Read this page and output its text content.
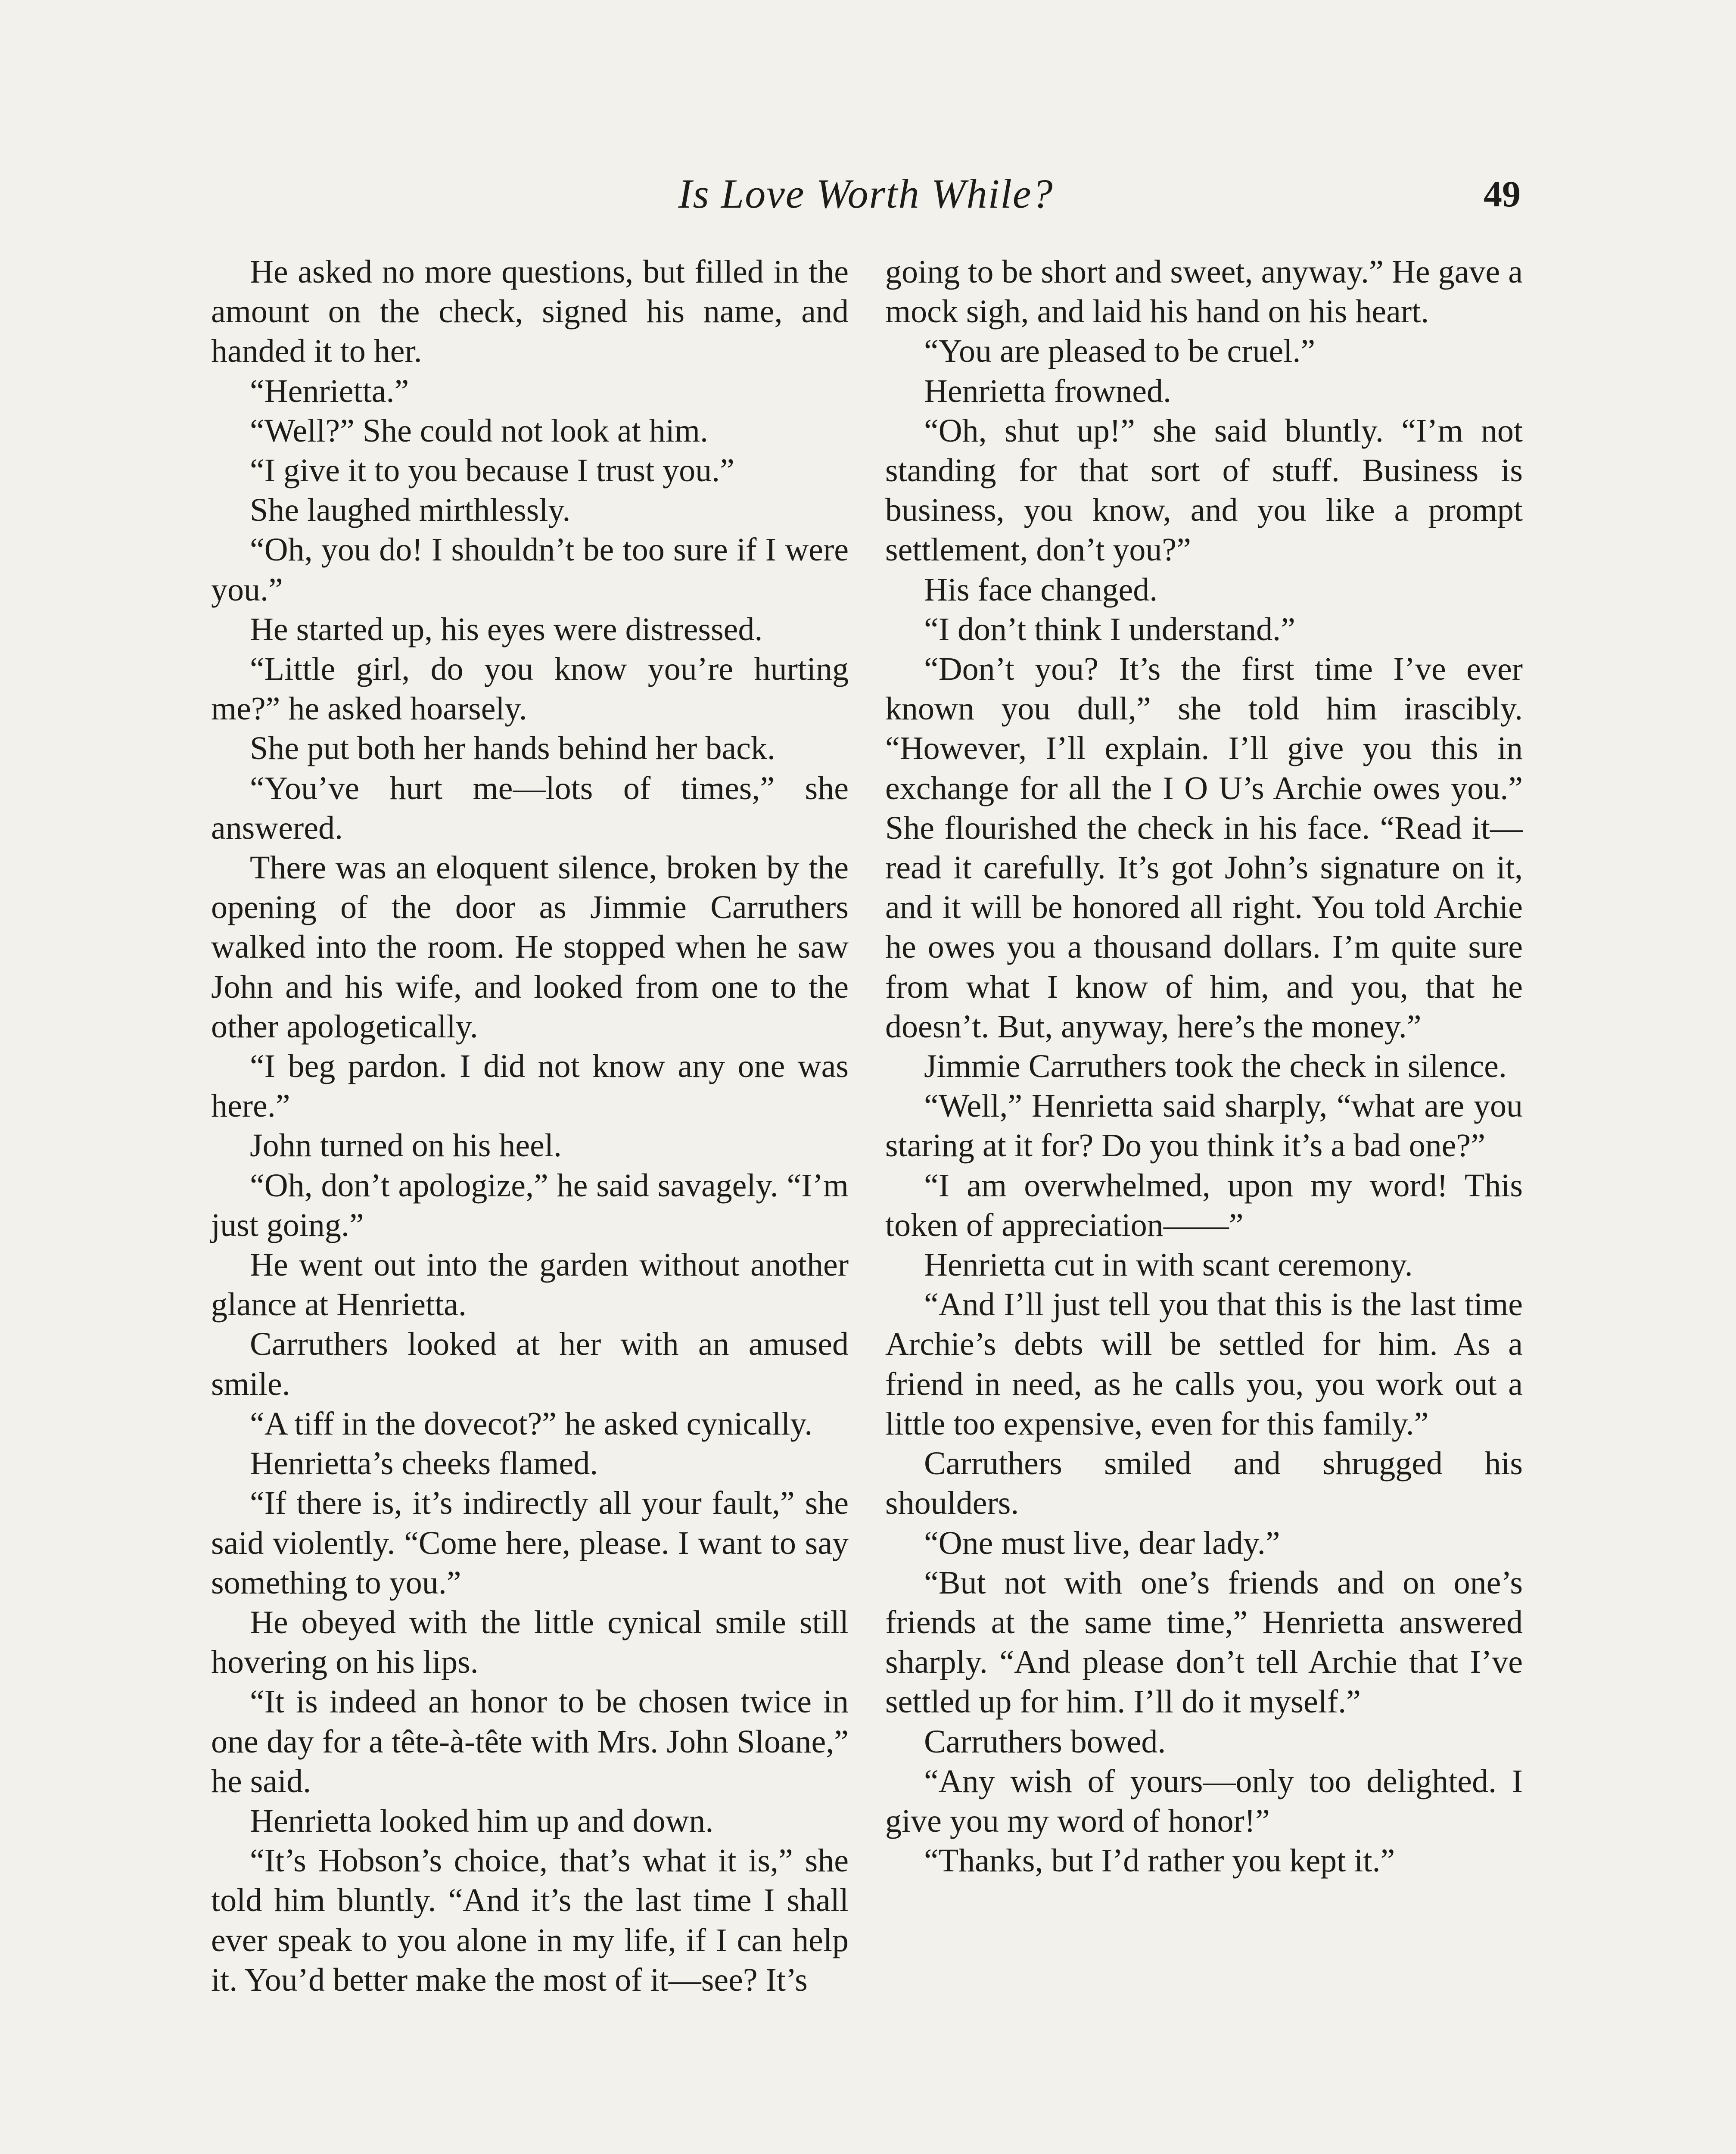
Is Love Worth While?	49

He asked no more questions, but filled in the amount on the check, signed his name, and handed it to her.

“Henrietta.”

“Well?” She could not look at him.

“I give it to you because I trust you.”

She laughed mirthlessly.

“Oh, you do! I shouldn’t be too sure if I were you.”

He started up, his eyes were distressed.

“Little girl, do you know you’re hurting me?” he asked hoarsely.

She put both her hands behind her back.

“You’ve hurt me—lots of times,” she answered.

There was an eloquent silence, broken by the opening of the door as Jimmie Carruthers walked into the room. He stopped when he saw John and his wife, and looked from one to the other apologetically.

“I beg pardon. I did not know any one was here.”

John turned on his heel.

“Oh, don’t apologize,” he said savagely. “I’m just going.”

He went out into the garden without another glance at Henrietta.

Carruthers looked at her with an amused smile.

“A tiff in the dovecot?” he asked cynically.

Henrietta’s cheeks flamed.

“If there is, it’s indirectly all your fault,” she said violently. “Come here, please. I want to say something to you.”

He obeyed with the little cynical smile still hovering on his lips.

“It is indeed an honor to be chosen twice in one day for a tête-à-tête with Mrs. John Sloane,” he said.

Henrietta looked him up and down.

“It’s Hobson’s choice, that’s what it is,” she told him bluntly. “And it’s the last time I shall ever speak to you alone in my life, if I can help it. You’d better make the most of it—see? It’s

going to be short and sweet, anyway.” He gave a mock sigh, and laid his hand on his heart.

“You are pleased to be cruel.”

Henrietta frowned.

“Oh, shut up!” she said bluntly. “I’m not standing for that sort of stuff. Business is business, you know, and you like a prompt settlement, don’t you?”

His face changed.

“I don’t think I understand.”

“Don’t you? It’s the first time I’ve ever known you dull,” she told him irascibly. “However, I’ll explain. I’ll give you this in exchange for all the I O U’s Archie owes you.” She flourished the check in his face. “Read it—read it carefully. It’s got John’s signature on it, and it will be honored all right. You told Archie he owes you a thousand dollars. I’m quite sure from what I know of him, and you, that he doesn’t. But, anyway, here’s the money.”

Jimmie Carruthers took the check in silence.

“Well,” Henrietta said sharply, “what are you staring at it for? Do you think it’s a bad one?”

“I am overwhelmed, upon my word! This token of appreciation——”

Henrietta cut in with scant ceremony.

“And I’ll just tell you that this is the last time Archie’s debts will be settled for him. As a friend in need, as he calls you, you work out a little too expensive, even for this family.”

Carruthers smiled and shrugged his shoulders.

“One must live, dear lady.”

“But not with one’s friends and on one’s friends at the same time,” Henrietta answered sharply. “And please don’t tell Archie that I’ve settled up for him. I’ll do it myself.”

Carruthers bowed.

“Any wish of yours—only too delighted. I give you my word of honor!”

“Thanks, but I’d rather you kept it.”
